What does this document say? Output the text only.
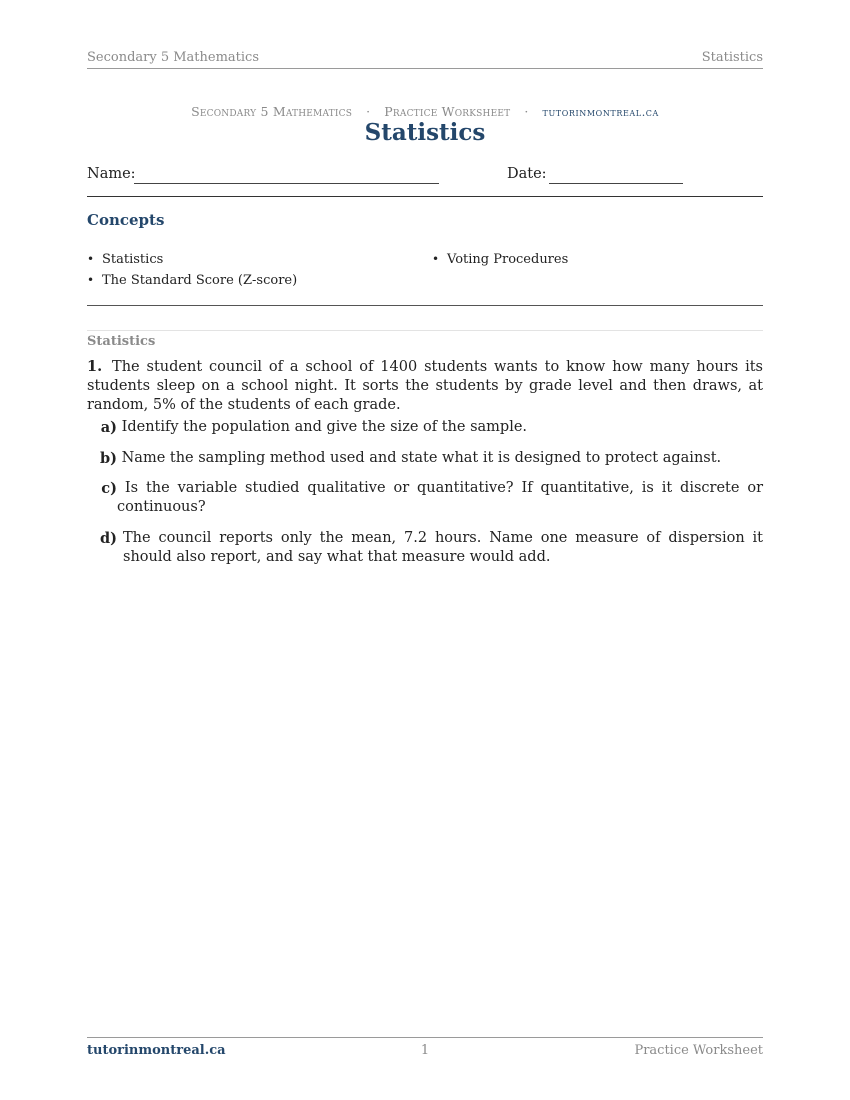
Secondary 5 Mathematics	Statistics
Secondary 5 Mathematics · Practice Worksheet · tutorinmontreal.ca
Statistics
Name:	Date:
Concepts
• Statistics
• The Standard Score (Z-score)
• Voting Procedures
Statistics
1. The student council of a school of 1400 students wants to know how many hours its students sleep on a school night. It sorts the students by grade level and then draws, at random, 5% of the students of each grade.
a) Identify the population and give the size of the sample.
b) Name the sampling method used and state what it is designed to protect against.
c) Is the variable studied qualitative or quantitative? If quantitative, is it discrete or continuous?
d) The council reports only the mean, 7.2 hours. Name one measure of dispersion it should also report, and say what that measure would add.
tutorinmontreal.ca	1	Practice Worksheet
